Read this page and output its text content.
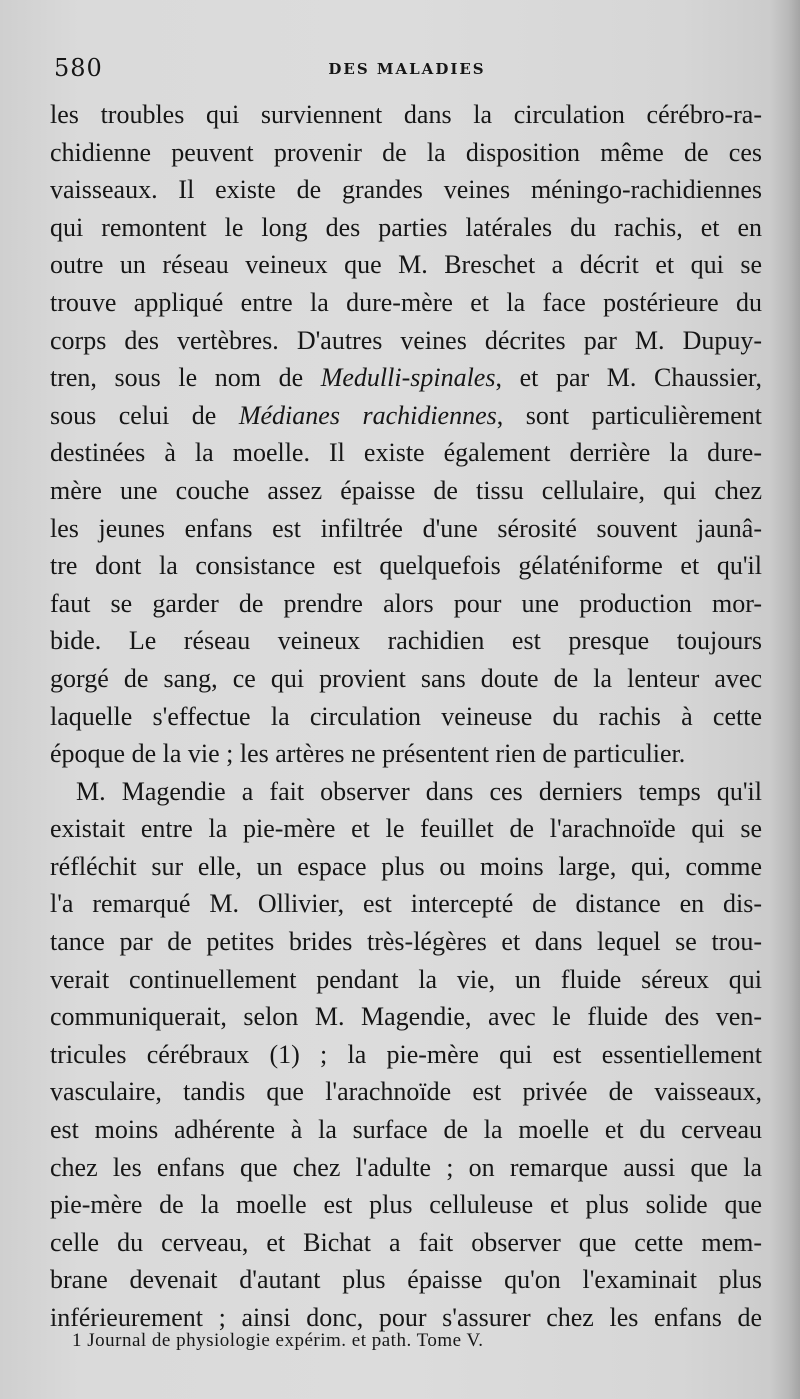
580	DES MALADIES
les troubles qui surviennent dans la circulation cérébro-ra-
chidienne peuvent provenir de la disposition même de ces
vaisseaux. Il existe de grandes veines méningo-rachidiennes
qui remontent le long des parties latérales du rachis, et en
outre un réseau veineux que M. Breschet a décrit et qui se
trouve appliqué entre la dure-mère et la face postérieure du
corps des vertèbres. D'autres veines décrites par M. Dupuy-
tren, sous le nom de Medulli-spinales, et par M. Chaussier,
sous celui de Médianes rachidiennes, sont particulièrement
destinées à la moelle. Il existe également derrière la dure-
mère une couche assez épaisse de tissu cellulaire, qui chez
les jeunes enfans est infiltrée d'une sérosité souvent jaunâ-
tre dont la consistance est quelquefois gélaténiforme et qu'il
faut se garder de prendre alors pour une production mor-
bide. Le réseau veineux rachidien est presque toujours
gorgé de sang, ce qui provient sans doute de la lenteur avec
laquelle s'effectue la circulation veineuse du rachis à cette
époque de la vie ; les artères ne présentent rien de particulier.
M. Magendie a fait observer dans ces derniers temps qu'il
existait entre la pie-mère et le feuillet de l'arachnoïde qui se
réfléchit sur elle, un espace plus ou moins large, qui, comme
l'a remarqué M. Ollivier, est intercepté de distance en dis-
tance par de petites brides très-légères et dans lequel se trou-
verait continuellement pendant la vie, un fluide séreux qui
communiquerait, selon M. Magendie, avec le fluide des ven-
tricules cérébraux (1) ; la pie-mère qui est essentiellement
vasculaire, tandis que l'arachnoïde est privée de vaisseaux,
est moins adhérente à la surface de la moelle et du cerveau
chez les enfans que chez l'adulte ; on remarque aussi que la
pie-mère de la moelle est plus celluleuse et plus solide que
celle du cerveau, et Bichat a fait observer que cette mem-
brane devenait d'autant plus épaisse qu'on l'examinait plus
inférieurement ; ainsi donc, pour s'assurer chez les enfans de
1 Journal de physiologie expérim. et path. Tome V.
